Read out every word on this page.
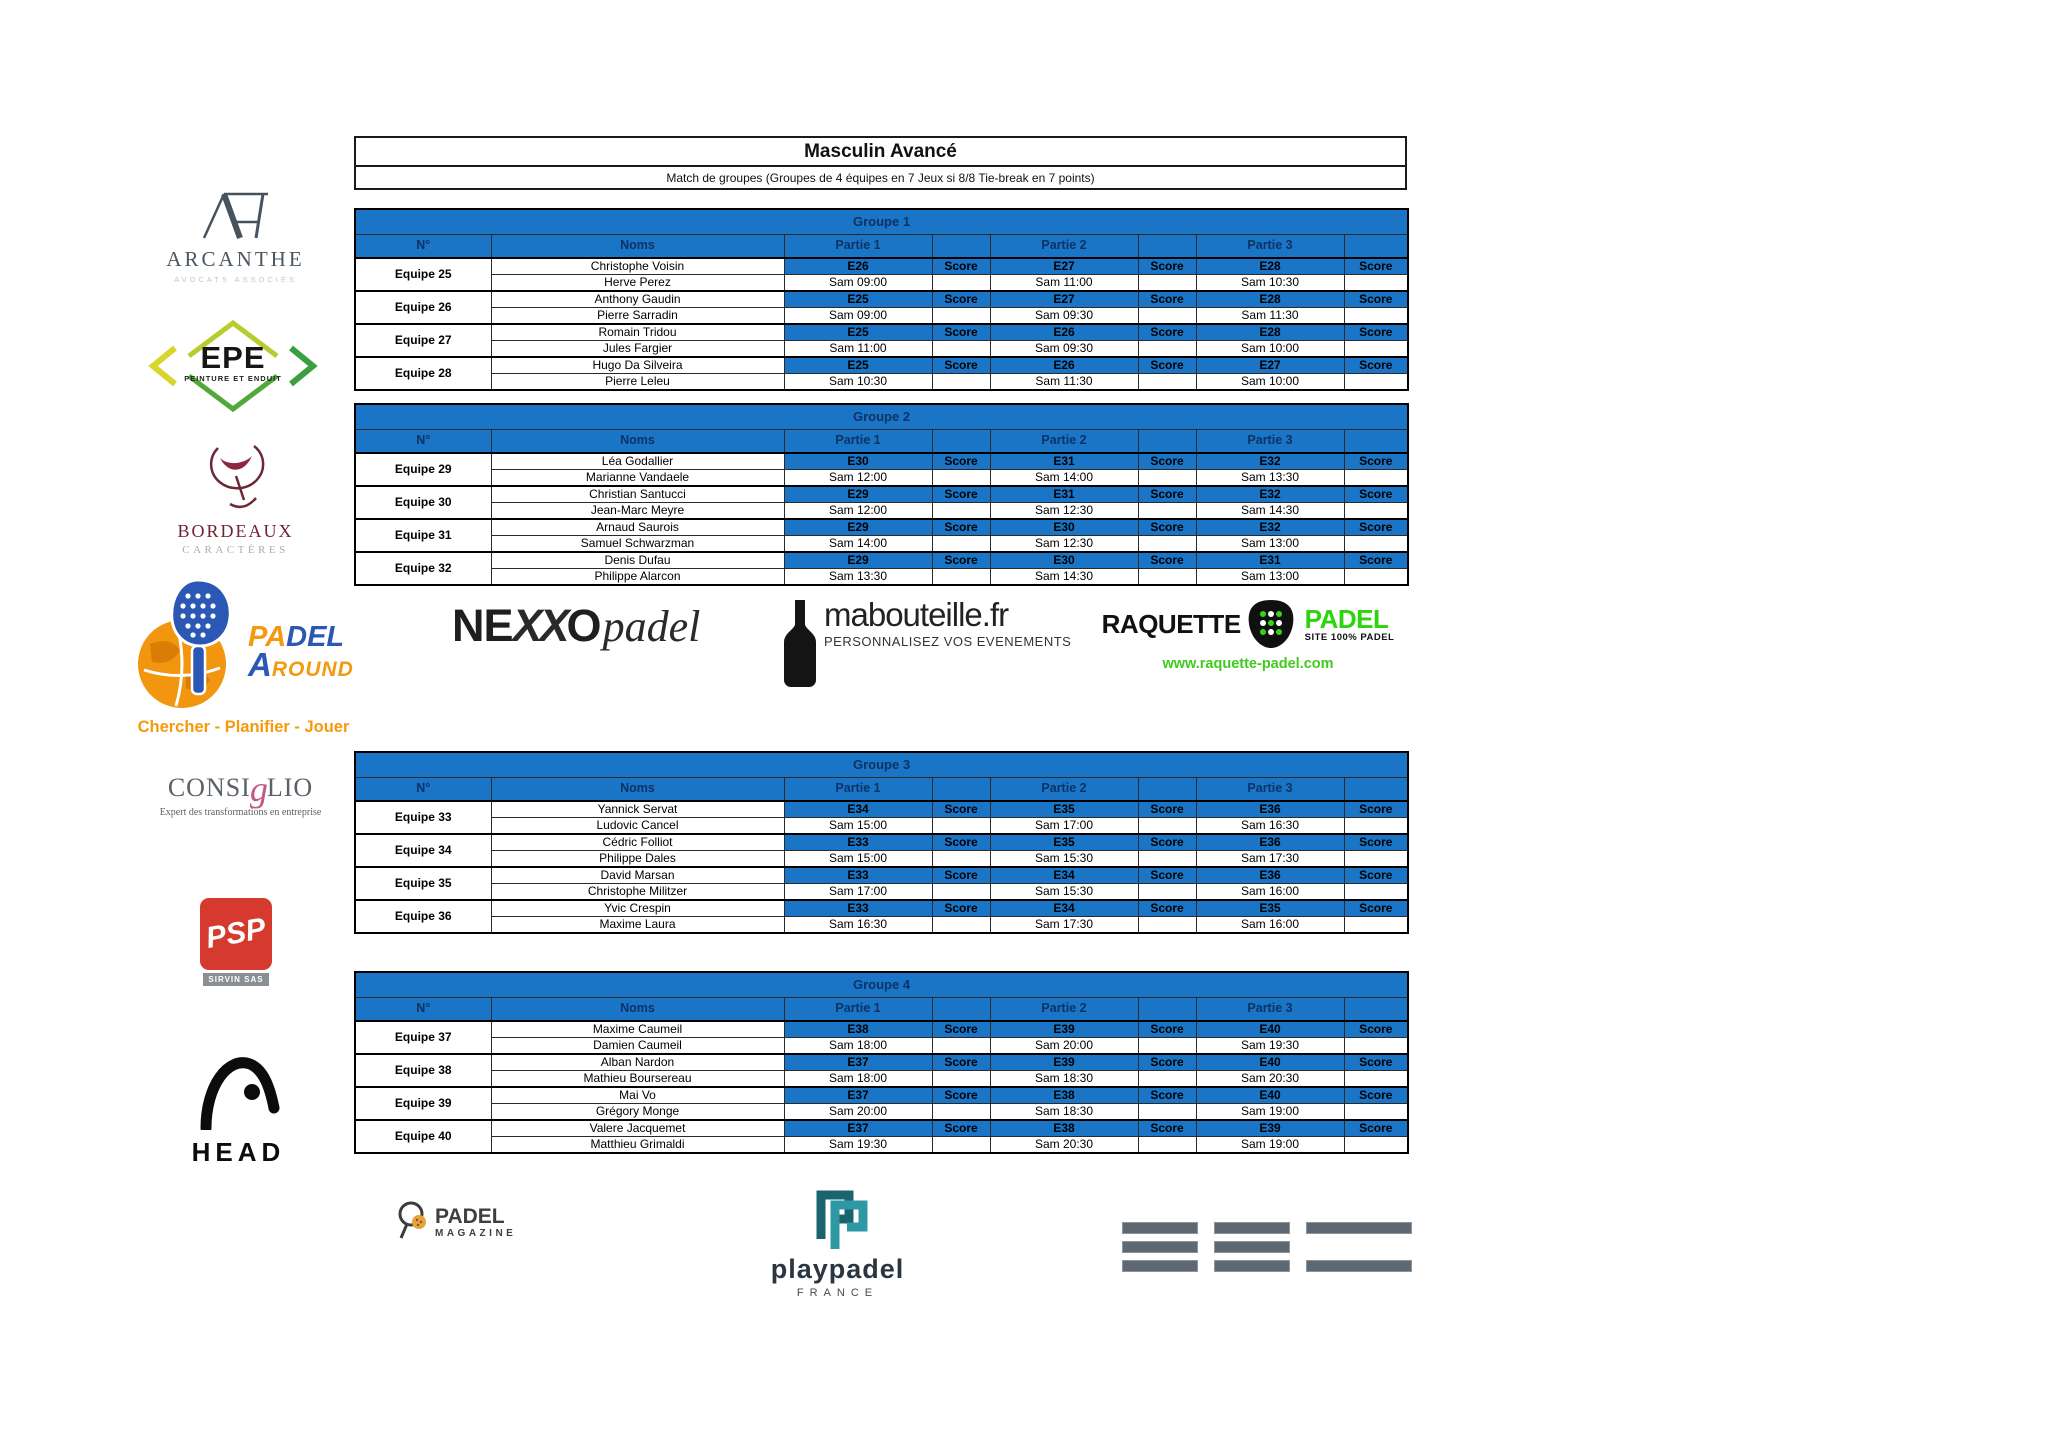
Masculin Avancé
Match de groupes (Groupes de 4 équipes en 7 Jeux si 8/8 Tie-break en 7 points)
Groupe 1							
N°	Noms	Partie 1		Partie 2		Partie 3	
Equipe 25	Christophe Voisin	E26	Score	E27	Score	E28	Score
	Herve Perez	Sam 09:00		Sam 11:00		Sam 10:30	
Equipe 26	Anthony Gaudin	E25	Score	E27	Score	E28	Score
	Pierre Sarradin	Sam 09:00		Sam 09:30		Sam 11:30	
Equipe 27	Romain Tridou	E25	Score	E26	Score	E28	Score
	Jules Fargier	Sam 11:00		Sam 09:30		Sam 10:00	
Equipe 28	Hugo Da Silveira	E25	Score	E26	Score	E27	Score
	Pierre Leleu	Sam 10:30		Sam 11:30		Sam 10:00	
Groupe 2							
N°	Noms	Partie 1		Partie 2		Partie 3	
Equipe 29	Léa Godallier	E30	Score	E31	Score	E32	Score
	Marianne Vandaele	Sam 12:00		Sam 14:00		Sam 13:30	
Equipe 30	Christian Santucci	E29	Score	E31	Score	E32	Score
	Jean-Marc Meyre	Sam 12:00		Sam 12:30		Sam 14:30	
Equipe 31	Arnaud Saurois	E29	Score	E30	Score	E32	Score
	Samuel Schwarzman	Sam 14:00		Sam 12:30		Sam 13:00	
Equipe 32	Denis Dufau	E29	Score	E30	Score	E31	Score
	Philippe Alarcon	Sam 13:30		Sam 14:30		Sam 13:00	
Groupe 3							
N°	Noms	Partie 1		Partie 2		Partie 3	
Equipe 33	Yannick Servat	E34	Score	E35	Score	E36	Score
	Ludovic Cancel	Sam 15:00		Sam 17:00		Sam 16:30	
Equipe 34	Cédric Folliot	E33	Score	E35	Score	E36	Score
	Philippe Dales	Sam 15:00		Sam 15:30		Sam 17:30	
Equipe 35	David Marsan	E33	Score	E34	Score	E36	Score
	Christophe Militzer	Sam 17:00		Sam 15:30		Sam 16:00	
Equipe 36	Yvic Crespin	E33	Score	E34	Score	E35	Score
	Maxime Laura	Sam 16:30		Sam 17:30		Sam 16:00	
Groupe 4							
N°	Noms	Partie 1		Partie 2		Partie 3	
Equipe 37	Maxime Caumeil	E38	Score	E39	Score	E40	Score
	Damien Caumeil	Sam 18:00		Sam 20:00		Sam 19:30	
Equipe 38	Alban Nardon	E37	Score	E39	Score	E40	Score
	Mathieu Boursereau	Sam 18:00		Sam 18:30		Sam 20:30	
Equipe 39	Mai Vo	E37	Score	E38	Score	E40	Score
	Grégory Monge	Sam 20:00		Sam 18:30		Sam 19:00	
Equipe 40	Valere Jacquemet	E37	Score	E38	Score	E39	Score
	Matthieu Grimaldi	Sam 19:30		Sam 20:30		Sam 19:00	
ARCANTHE
AVOCATS ASSOCIÉS
EPE
PEINTURE ET ENDUIT
BORDEAUX
CARACTÈRES
PADEL
AROUND
Chercher - Planifier - Jouer
CONSIgLIO
Expert des transformations en entreprise
PSP
SIRVIN SAS
HEAD
NEXXOpadel	mabouteille.fr
PERSONNALISEZ VOS EVENEMENTS
RAQUETTE PADEL
SITE 100% PADEL
www.raquette-padel.com
PADEL
MAGAZINE
playpadel
FRANCE
